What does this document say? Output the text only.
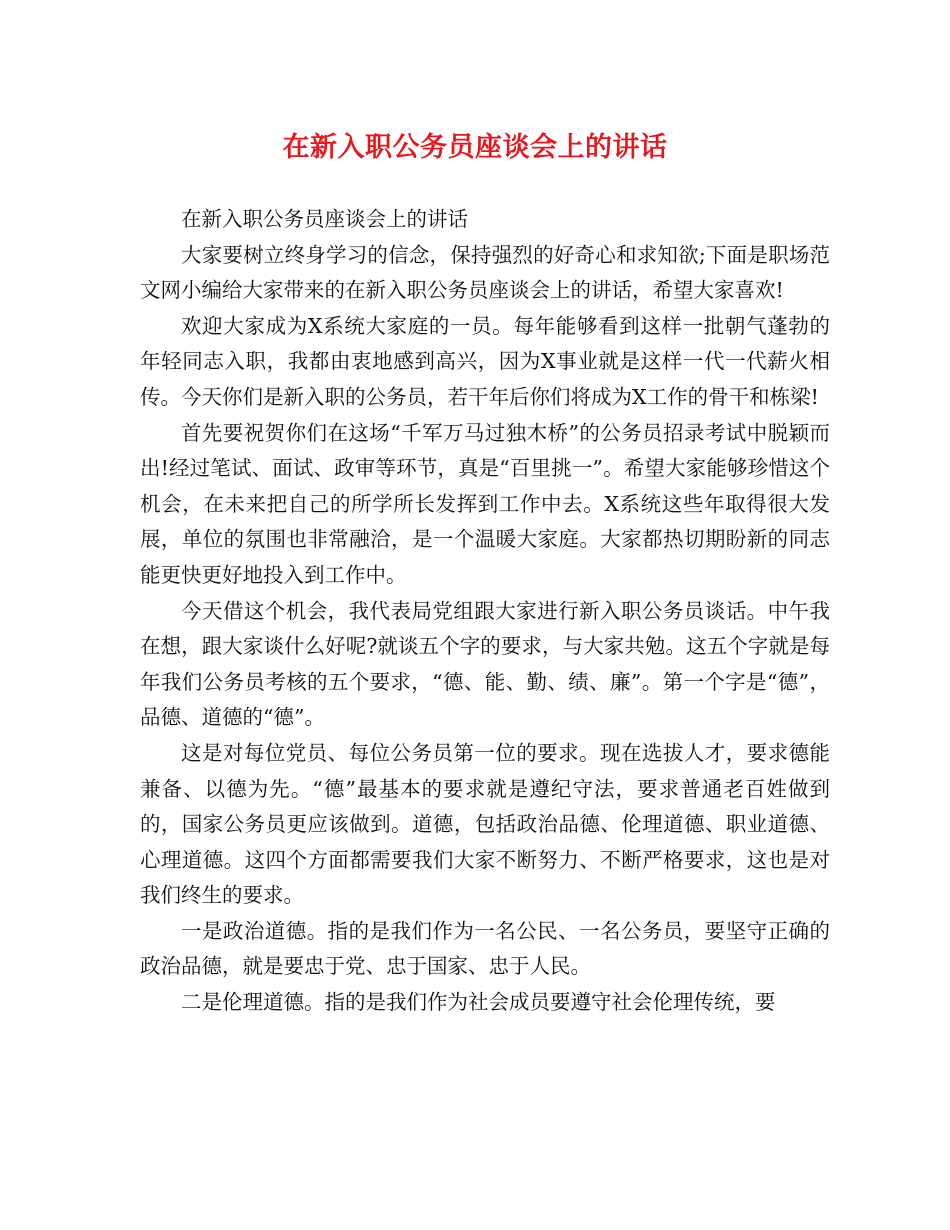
在新入职公务员座谈会上的讲话

在新入职公务员座谈会上的讲话

大家要树立终身学习的信念，保持强烈的好奇心和求知欲;下面是职场范文网小编给大家带来的在新入职公务员座谈会上的讲话，希望大家喜欢!

欢迎大家成为X系统大家庭的一员。每年能够看到这样一批朝气蓬勃的年轻同志入职，我都由衷地感到高兴，因为X事业就是这样一代一代薪火相传。今天你们是新入职的公务员，若干年后你们将成为X工作的骨干和栋梁!

首先要祝贺你们在这场“千军万马过独木桥”的公务员招录考试中脱颖而出!经过笔试、面试、政审等环节，真是“百里挑一”。希望大家能够珍惜这个机会，在未来把自己的所学所长发挥到工作中去。X系统这些年取得很大发展，单位的氛围也非常融洽，是一个温暖大家庭。大家都热切期盼新的同志能更快更好地投入到工作中。

今天借这个机会，我代表局党组跟大家进行新入职公务员谈话。中午我在想，跟大家谈什么好呢?就谈五个字的要求，与大家共勉。这五个字就是每年我们公务员考核的五个要求，“德、能、勤、绩、廉”。第一个字是“德”，品德、道德的“德”。

这是对每位党员、每位公务员第一位的要求。现在选拔人才，要求德能兼备、以德为先。“德”最基本的要求就是遵纪守法，要求普通老百姓做到的，国家公务员更应该做到。道德，包括政治品德、伦理道德、职业道德、心理道德。这四个方面都需要我们大家不断努力、不断严格要求，这也是对我们终生的要求。

一是政治道德。指的是我们作为一名公民、一名公务员，要坚守正确的政治品德，就是要忠于党、忠于国家、忠于人民。

二是伦理道德。指的是我们作为社会成员要遵守社会伦理传统，要
